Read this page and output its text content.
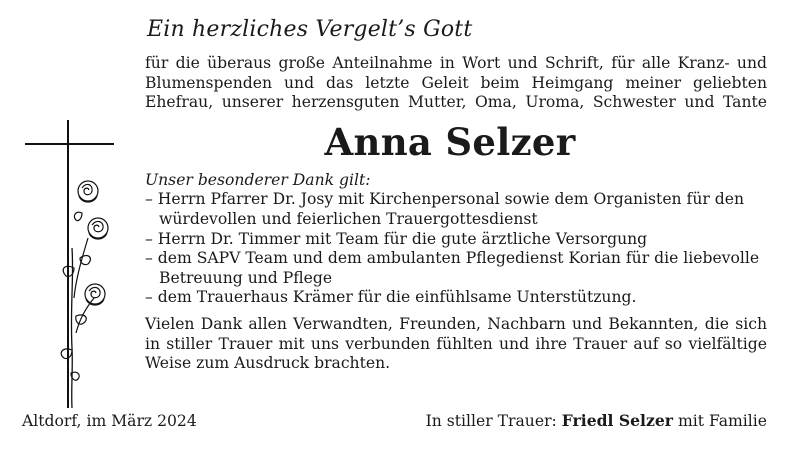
Ein herzliches Vergelt’s Gott

für die überaus große Anteilnahme in Wort und Schrift, für alle Kranz- und Blumenspenden und das letzte Geleit beim Heimgang meiner geliebten Ehefrau, unserer herzensguten Mutter, Oma, Uroma, Schwester und Tante

Anna Selzer
Unser besonderer Dank gilt:
– Herrn Pfarrer Dr. Josy mit Kirchenpersonal sowie dem Organisten für den würdevollen und feierlichen Trauergottesdienst
– Herrn Dr. Timmer mit Team für die gute ärztliche Versorgung
– dem SAPV Team und dem ambulanten Pflegedienst Korian für die liebevolle Betreuung und Pflege
– dem Trauerhaus Krämer für die einfühlsame Unterstützung.

Vielen Dank allen Verwandten, Freunden, Nachbarn und Bekannten, die sich in stiller Trauer mit uns verbunden fühlten und ihre Trauer auf so vielfältige Weise zum Ausdruck brachten.

Altdorf, im März 2024	In stiller Trauer: Friedl Selzer mit Familie
